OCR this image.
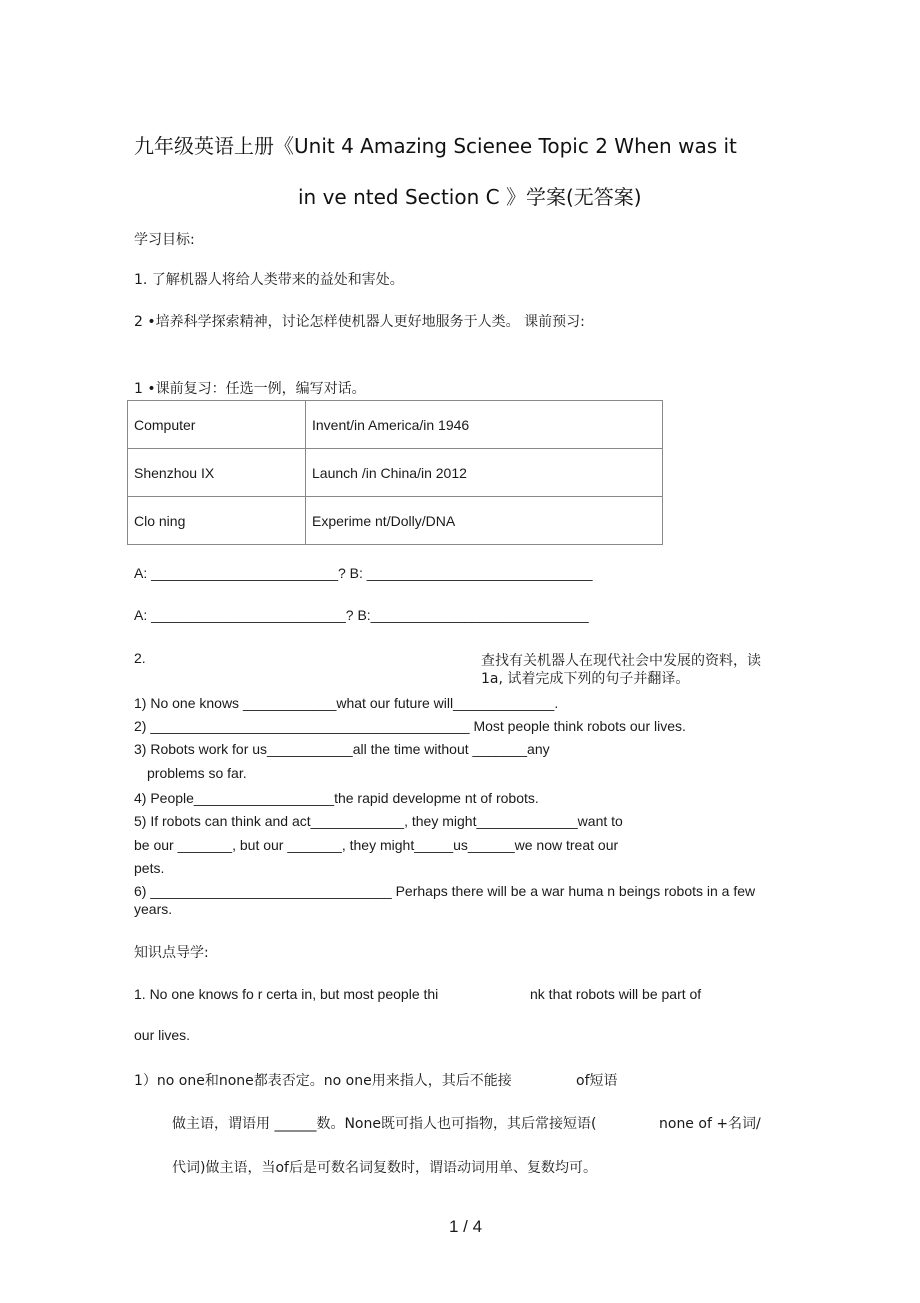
九年级英语上册《Unit 4 Amazing Scienee Topic 2 When was it
in ve nted Section C 》学案(无答案)
学习目标:
1. 了解机器人将给人类带来的益处和害处。
2 •培养科学探索精神，讨论怎样使机器人更好地服务于人类。 课前预习:
1 •课前复习：任选一例，编写对话。
Computer	Invent/in America/in 1946
Shenzhou IX	Launch /in China/in 2012
Clo ning	Experime nt/Dolly/DNA
A: ________________________? B: _____________________________
A: _________________________? B:____________________________
2.	查找有关机器人在现代社会中发展的资料，读
1a, 试着完成下列的句子并翻译。
1) No one knows ____________what our future will_____________.
2) _________________________________________ Most people think robots our lives.
3) Robots work for us___________all the time without _______any
problems so far.
4) People__________________the rapid developme nt of robots.
5) If robots can think and act____________, they might_____________want to
be our _______, but our _______, they might_____us______we now treat our
pets.
6) _______________________________ Perhaps there will be a war huma n beings robots in a few
years.
知识点导学:
1. No one knows fo r certa in, but most people thi	nk that robots will be part of
our lives.
1）no one和none都表否定。no one用来指人，其后不能接	of短语
做主语，谓语用 ______数。None既可指人也可指物，其后常接短语(	none of +名词/
代词)做主语，当of后是可数名词复数时，谓语动词用单、复数均可。
1 / 4
